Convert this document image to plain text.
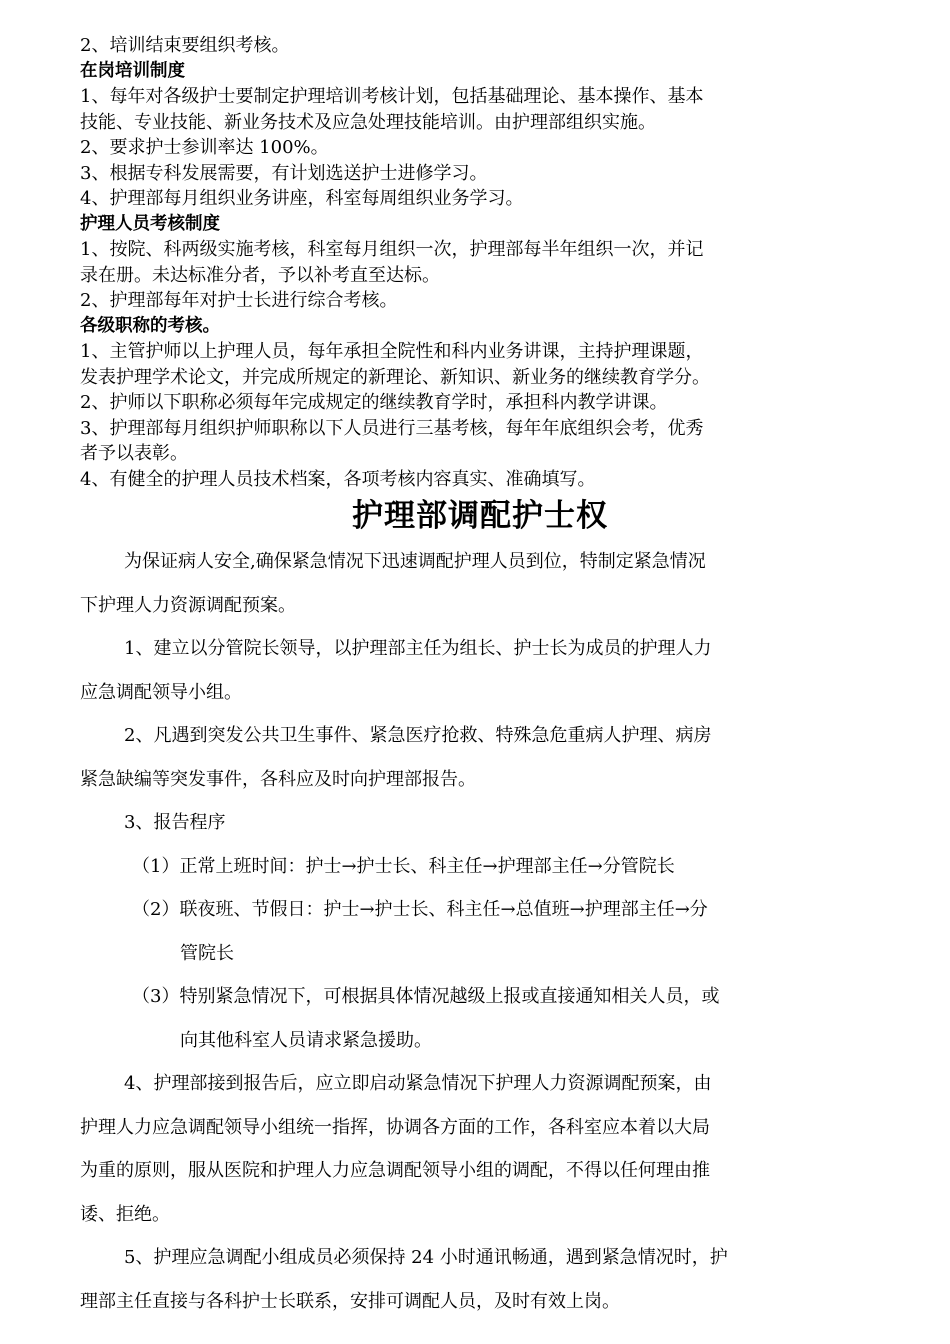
2、培训结束要组织考核。

在岗培训制度

1、每年对各级护士要制定护理培训考核计划，包括基础理论、基本操作、基本

技能、专业技能、新业务技术及应急处理技能培训。由护理部组织实施。

2、要求护士参训率达 100%。

3、根据专科发展需要，有计划选送护士进修学习。

4、护理部每月组织业务讲座，科室每周组织业务学习。

护理人员考核制度

1、按院、科两级实施考核，科室每月组织一次，护理部每半年组织一次，并记

录在册。未达标准分者，予以补考直至达标。

2、护理部每年对护士长进行综合考核。

各级职称的考核。

1、主管护师以上护理人员，每年承担全院性和科内业务讲课，主持护理课题，

发表护理学术论文，并完成所规定的新理论、新知识、新业务的继续教育学分。

2、护师以下职称必须每年完成规定的继续教育学时，承担科内教学讲课。

3、护理部每月组织护师职称以下人员进行三基考核，每年年底组织会考，优秀

者予以表彰。

4、有健全的护理人员技术档案，各项考核内容真实、准确填写。

护理部调配护士权

为保证病人安全,确保紧急情况下迅速调配护理人员到位，特制定紧急情况

下护理人力资源调配预案。

1、建立以分管院长领导，以护理部主任为组长、护士长为成员的护理人力

应急调配领导小组。

2、凡遇到突发公共卫生事件、紧急医疗抢救、特殊急危重病人护理、病房

紧急缺编等突发事件，各科应及时向护理部报告。

3、报告程序

（1）正常上班时间：护士→护士长、科主任→护理部主任→分管院长

（2）联夜班、节假日：护士→护士长、科主任→总值班→护理部主任→分

管院长

（3）特别紧急情况下，可根据具体情况越级上报或直接通知相关人员，或

向其他科室人员请求紧急援助。

4、护理部接到报告后，应立即启动紧急情况下护理人力资源调配预案，由

护理人力应急调配领导小组统一指挥，协调各方面的工作，各科室应本着以大局

为重的原则，服从医院和护理人力应急调配领导小组的调配，不得以任何理由推

诿、拒绝。

5、护理应急调配小组成员必须保持 24 小时通讯畅通，遇到紧急情况时，护

理部主任直接与各科护士长联系，安排可调配人员，及时有效上岗。
